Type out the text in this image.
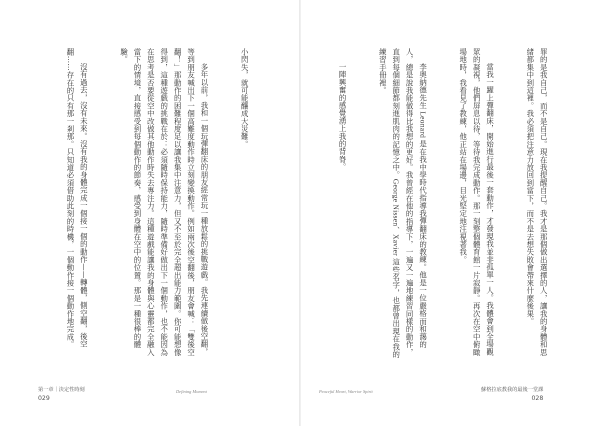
小閃失，就可能釀成大災難。

多年以前，我和一個玩彈翻床的朋友經常玩一種放鬆的挑戰遊戲。我先連續做後空翻，等到朋友喊出下一個高難度動作時立刻變換動作。例如兩次後空翻後，朋友會喊：「雙後空翻！」那動作的困難程度足以讓我集中注意力，但又不至於完全超出能力範圍。你可能想像得到，這種遊戲的挑戰在於：必須隨時保持能力，隨時準備好做出下一個動作，也不能因為在思考是否要從空中改做其他動作時失去專注力。這種遊戲能讓我的身體與心靈都完全融入當下的情境，直接感受到每個動作的節奏，感受到身體在空中的位置。那是一種很棒的體驗。

沒有過去，沒有未來。沒有我的身體完成一個接一個的動作——轉體，側空翻，後空翻……存在的只有那一剎那。只知道必須借助此刻的時機，一個動作接一個動作地完成。

第一章｜決定性時刻
029
Defining Moment

罪的是我自己，而不是自己。現在我提醒自己。我才是那個做出選擇的人，讓我的身體和思緒都集中到這裡。我必須把注意力放回到當下，而不是去想失敗會帶來什麼後果。

當我一躍上彈翻床，開始進行最後一套動作，才發現我並非孤單一人。我體會到全場觀眾的凝視，他們屏息以待，等待我完成動作。那一刻整個體育館一片寂靜。再次在空中俯瞰場地時，我看見了教練，他正站在場邊，目光堅定地注視著我。

李奧納德先生 Leonard 是在我中學時代指導我彈翻床的教練。他是一位嚴格而和藹的人，總是說我能做得比我想的更好。我曾經在他的指導下，一遍又一遍地練習同樣的動作，直到每個細節都刻進肌肉的記憶之中。George Nissen、Xavier 這些名字，也都曾出現在我的練習手冊裡。

一陣興奮的感覺湧上我的背脊。

Peaceful Heart, Warrior Spirit	蘇格拉底教我的最後一堂課
028
